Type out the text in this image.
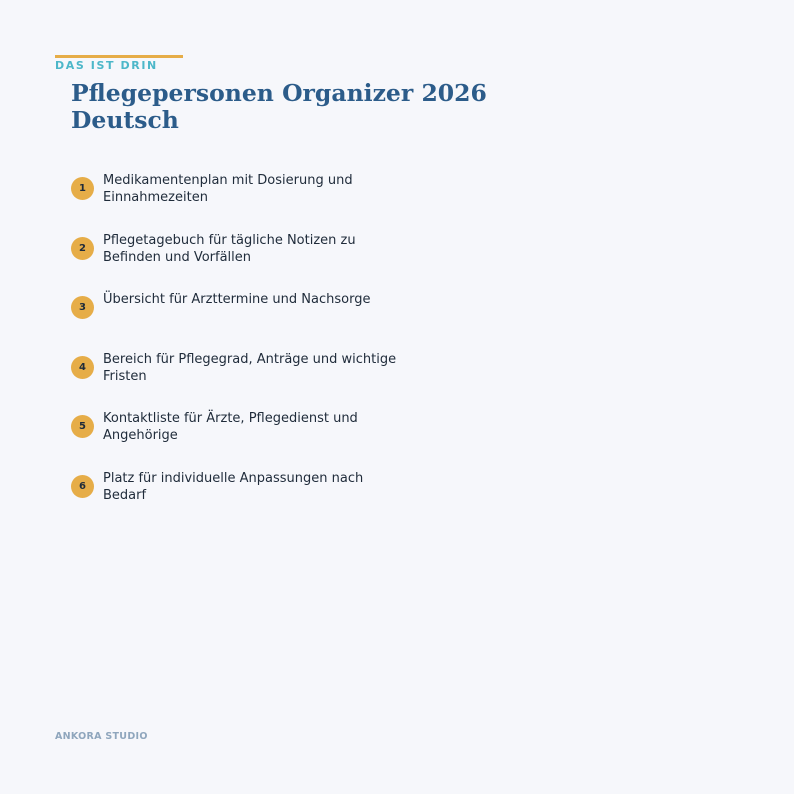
DAS IST DRIN
Pflegepersonen Organizer 2026
Deutsch
1
Medikamentenplan mit Dosierung und Einnahmezeiten
2
Pflegetagebuch für tägliche Notizen zu Befinden und Vorfällen
3
Übersicht für Arzttermine und Nachsorge
4
Bereich für Pflegegrad, Anträge und wichtige Fristen
5
Kontaktliste für Ärzte, Pflegedienst und Angehörige
6
Platz für individuelle Anpassungen nach Bedarf
ANKORA STUDIO
